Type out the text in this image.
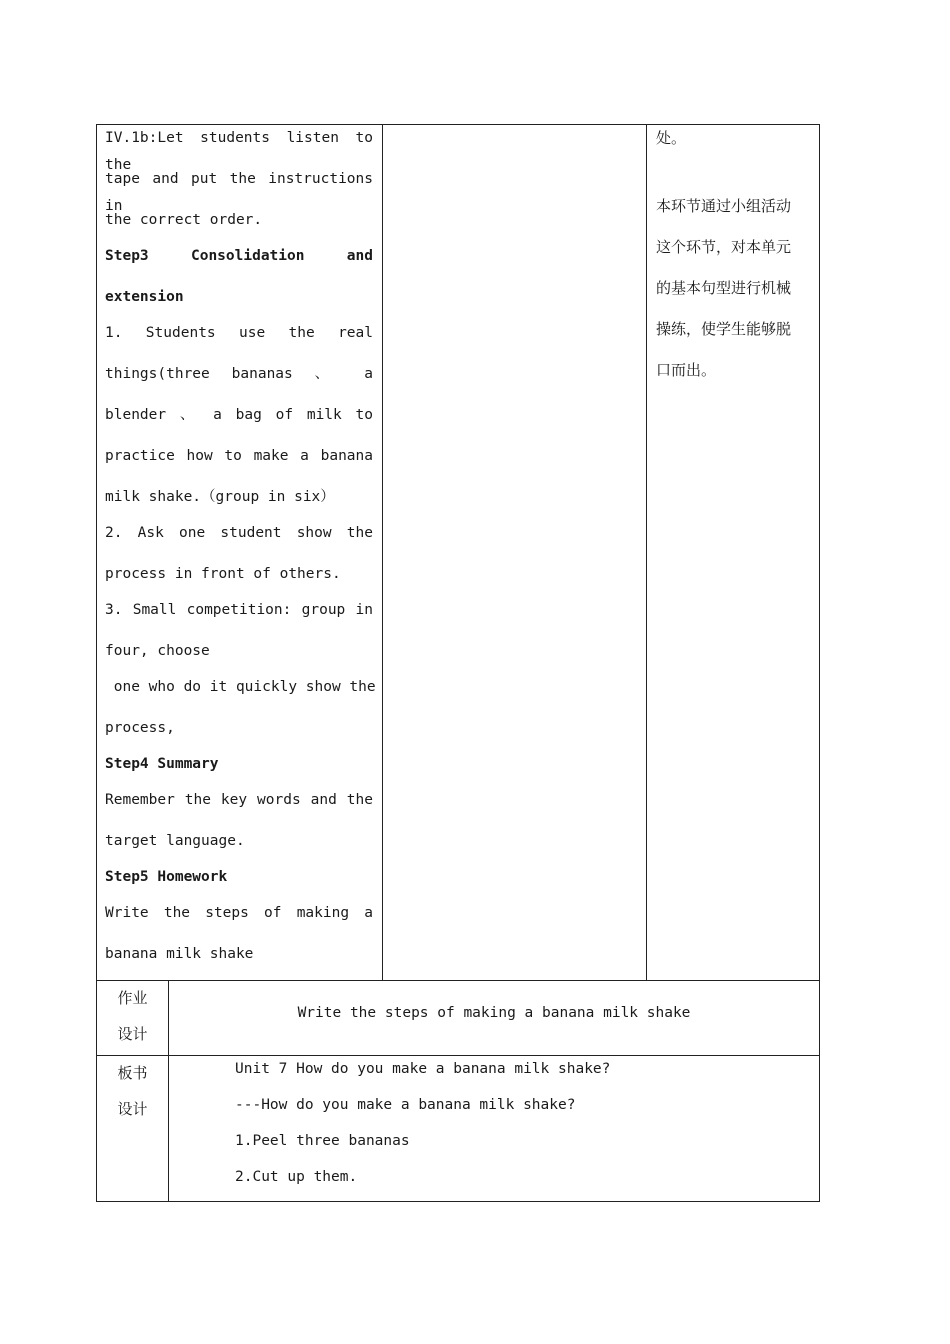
IV.1b:Let students listen to the
tape and put the instructions in
the correct order.
Step3 Consolidation and
extension
1. Students use the real
things(three bananas 、 a
blender 、 a bag of milk to
practice how to make a banana
milk shake.（group in six）
2. Ask one student show the
process in front of others.
3. Small competition: group in
four, choose
one who do it quickly show the
process,
Step4 Summary
Remember the key words and the
target language.
Step5 Homework
Write the steps of making a
banana milk shake
处。
本环节通过小组活动
这个环节，对本单元
的基本句型进行机械
操练，使学生能够脱
口而出。
作业
设计
Write the steps of making a banana milk shake
板书
设计
Unit 7 How do you make a banana milk shake?
---How do you make a banana milk shake?
1.Peel three bananas
2.Cut up them.
